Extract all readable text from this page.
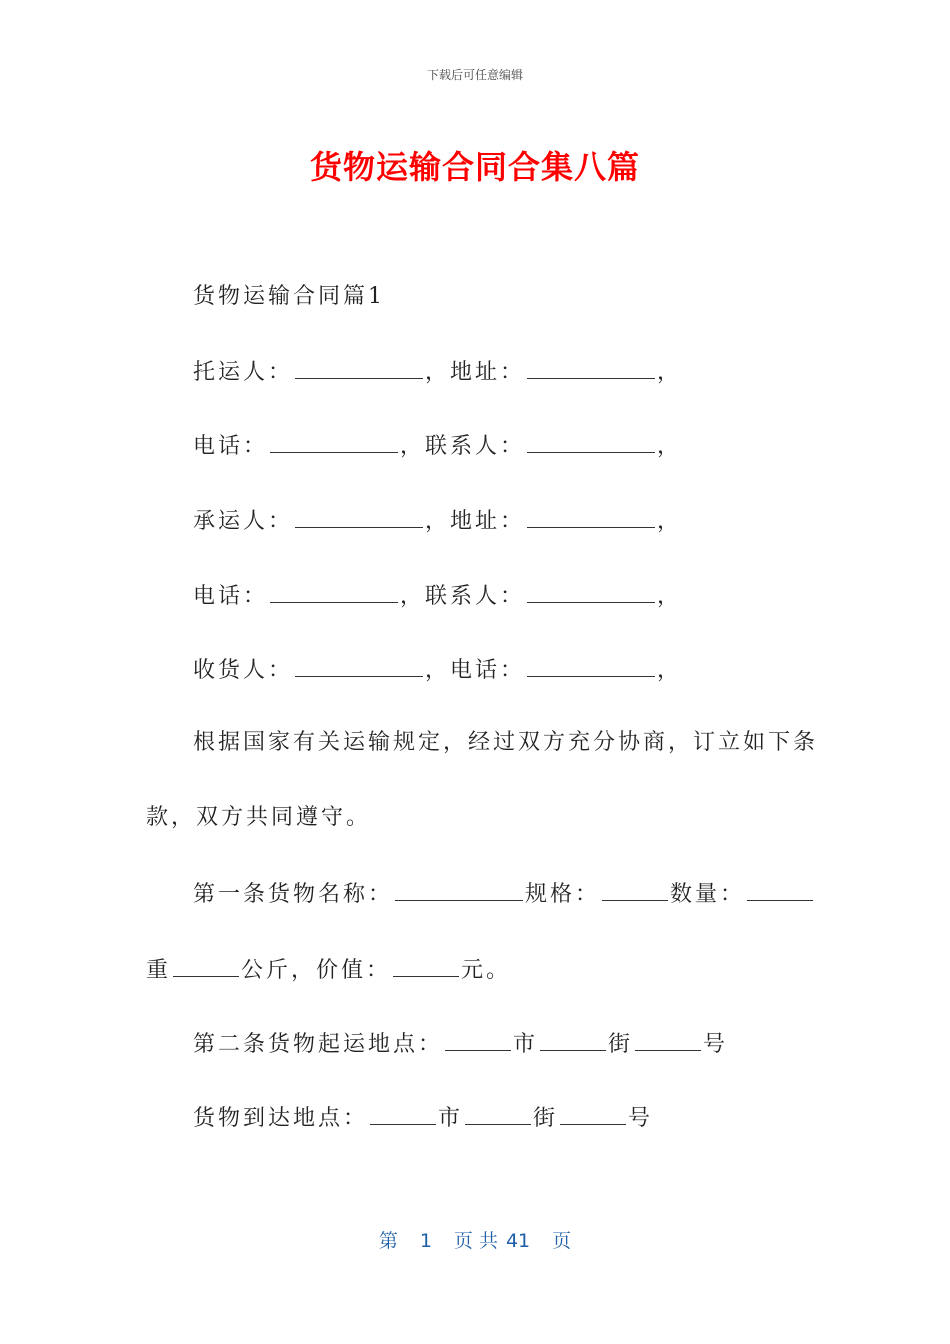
下载后可任意编辑
货物运输合同合集八篇
货物运输合同篇1
托运人：	，地址：	，
电话：	，联系人：	，
承运人：	，地址：	，
电话：	，联系人：	，
收货人：	，电话：	，
根据国家有关运输规定，经过双方充分协商，订立如下条
款，双方共同遵守。
第一条货物名称：	规格：	数量：
重	公斤，价值：	元。
第二条货物起运地点：	市	街	号
货物到达地点：	市	街	号
第 1 页 共 41 页
